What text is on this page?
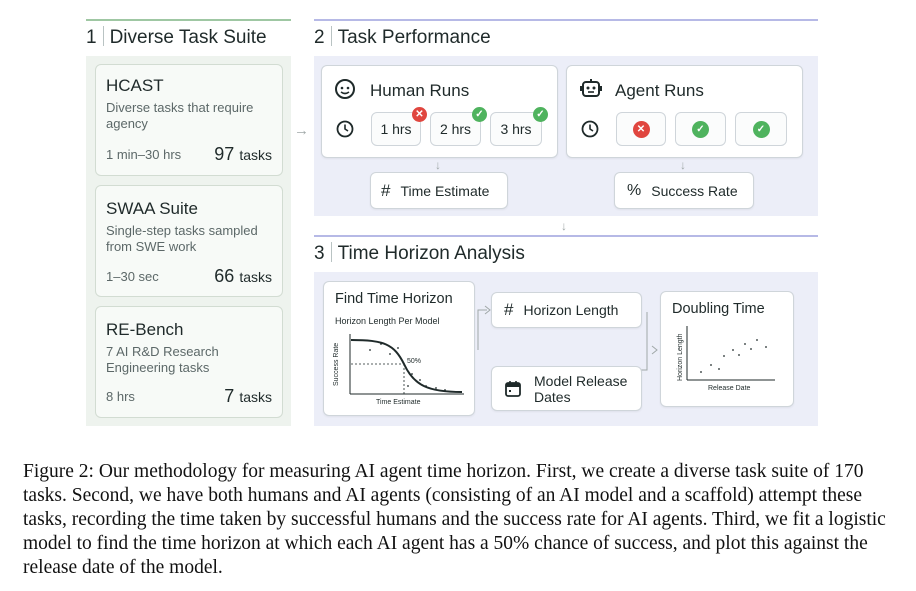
1 Diverse Task Suite
HCAST
Diverse tasks that require agency
1 min–30 hrs 97 tasks
SWAA Suite
Single-step tasks sampled from SWE work
1–30 sec	66 tasks
RE-Bench
7 AI R&D Research Engineering tasks
8 hrs	7 tasks
→
2 Task Performance
Human Runs
1 hrs
✕
2 hrs
✓
3 hrs
✓
Agent Runs
✕	✓	✓
↓	↓
# Time Estimate	% Success Rate
↓
3 Time Horizon Analysis
Find Time Horizon
Horizon Length Per Model
Success Rate	50%
Time Estimate
# Horizon Length
Model Release Dates
Doubling Time
Horizon Length
Release Date
Figure 2: Our methodology for measuring AI agent time horizon. First, we create a diverse task suite of 170 tasks. Second, we have both humans and AI agents (consisting of an AI model and a scaffold) attempt these tasks, recording the time taken by successful humans and the success rate for AI agents. Third, we fit a logistic model to find the time horizon at which each AI agent has a 50% chance of success, and plot this against the release date of the model.
